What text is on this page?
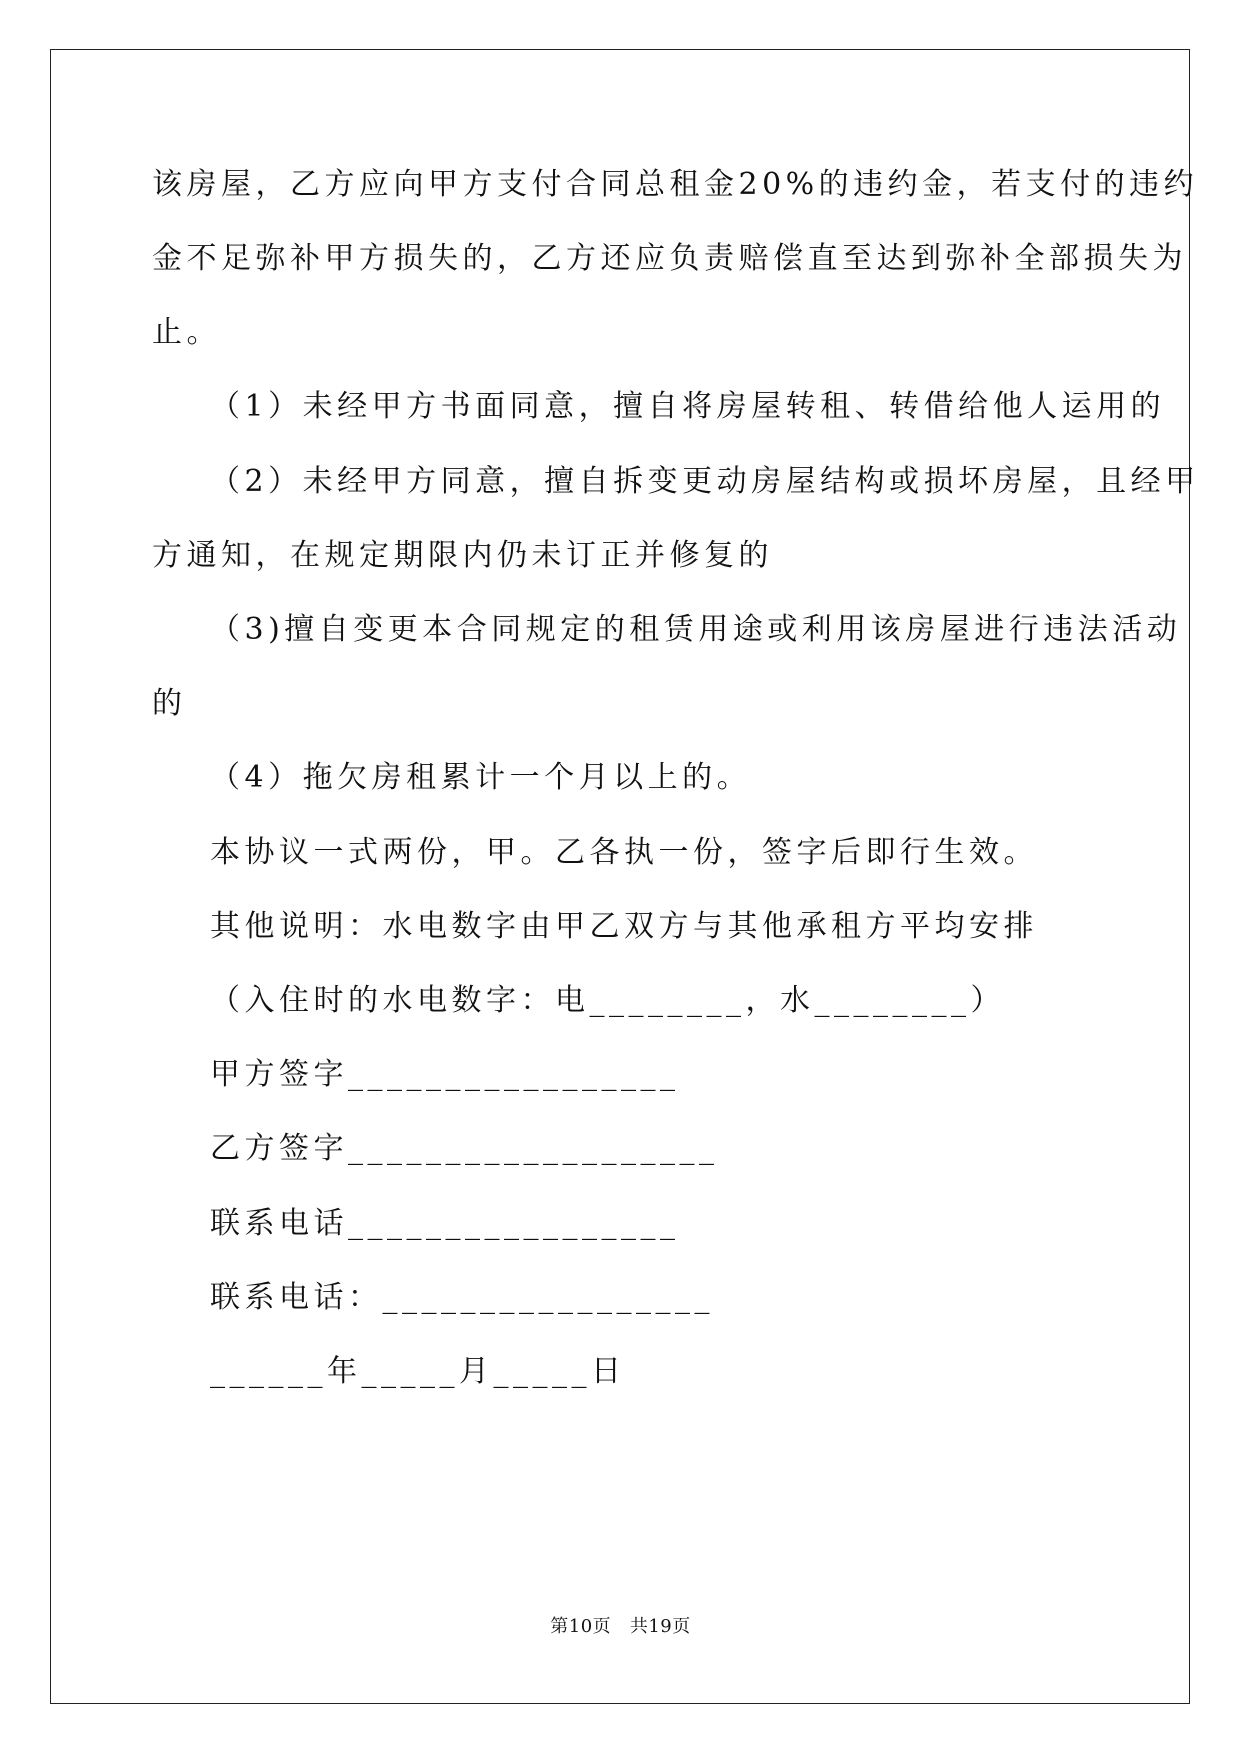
该房屋，乙方应向甲方支付合同总租金20%的违约金，若支付的违约
金不足弥补甲方损失的，乙方还应负责赔偿直至达到弥补全部损失为
止。
（1）未经甲方书面同意，擅自将房屋转租、转借给他人运用的
（2）未经甲方同意，擅自拆变更动房屋结构或损坏房屋，且经甲
方通知，在规定期限内仍未订正并修复的
（3)擅自变更本合同规定的租赁用途或利用该房屋进行违法活动
的
（4）拖欠房租累计一个月以上的。
本协议一式两份，甲。乙各执一份，签字后即行生效。
其他说明：水电数字由甲乙双方与其他承租方平均安排
（入住时的水电数字：电________，水________）
甲方签字_________________
乙方签字___________________
联系电话_________________
联系电话：_________________
______年_____月_____日
第10页   共19页
